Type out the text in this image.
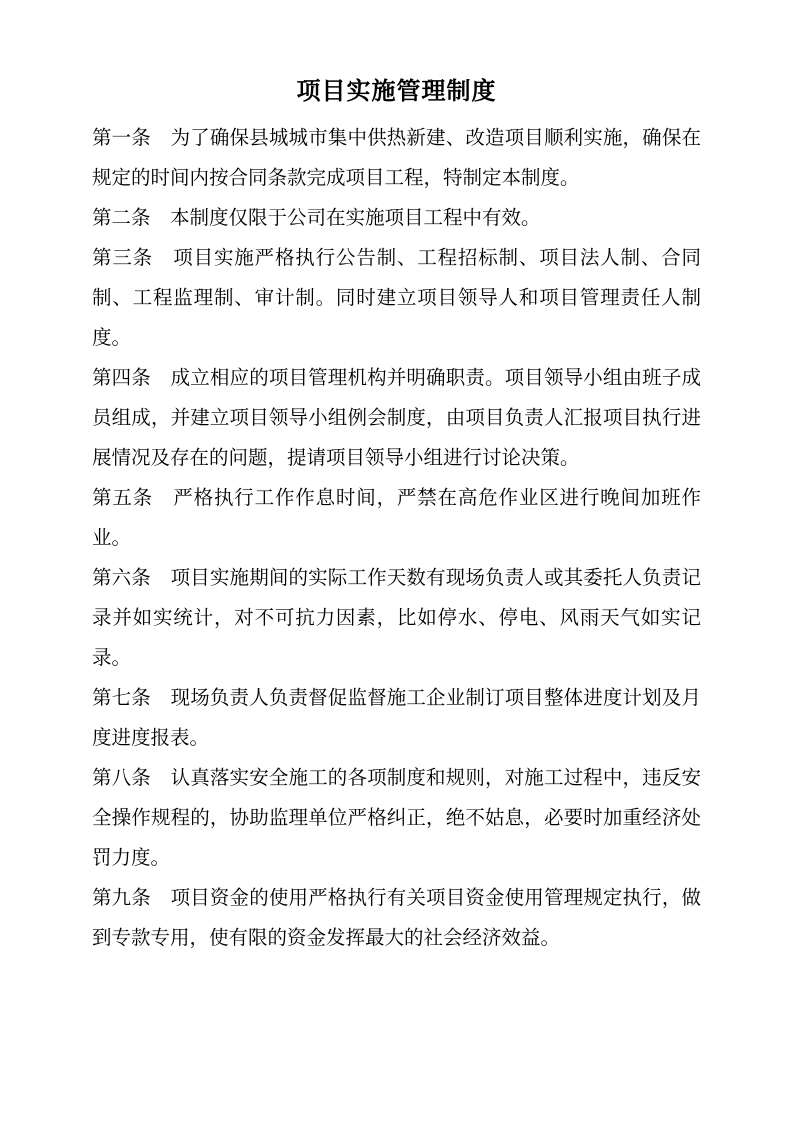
项目实施管理制度

第一条　为了确保县城城市集中供热新建、改造项目顺利实施，确保在规定的时间内按合同条款完成项目工程，特制定本制度。

第二条　本制度仅限于公司在实施项目工程中有效。

第三条　项目实施严格执行公告制、工程招标制、项目法人制、合同制、工程监理制、审计制。同时建立项目领导人和项目管理责任人制度。

第四条　成立相应的项目管理机构并明确职责。项目领导小组由班子成员组成，并建立项目领导小组例会制度，由项目负责人汇报项目执行进展情况及存在的问题，提请项目领导小组进行讨论决策。

第五条　严格执行工作作息时间，严禁在高危作业区进行晚间加班作业。

第六条　项目实施期间的实际工作天数有现场负责人或其委托人负责记录并如实统计，对不可抗力因素，比如停水、停电、风雨天气如实记录。

第七条　现场负责人负责督促监督施工企业制订项目整体进度计划及月度进度报表。

第八条　认真落实安全施工的各项制度和规则，对施工过程中，违反安全操作规程的，协助监理单位严格纠正，绝不姑息，必要时加重经济处罚力度。

第九条　项目资金的使用严格执行有关项目资金使用管理规定执行，做到专款专用，使有限的资金发挥最大的社会经济效益。
